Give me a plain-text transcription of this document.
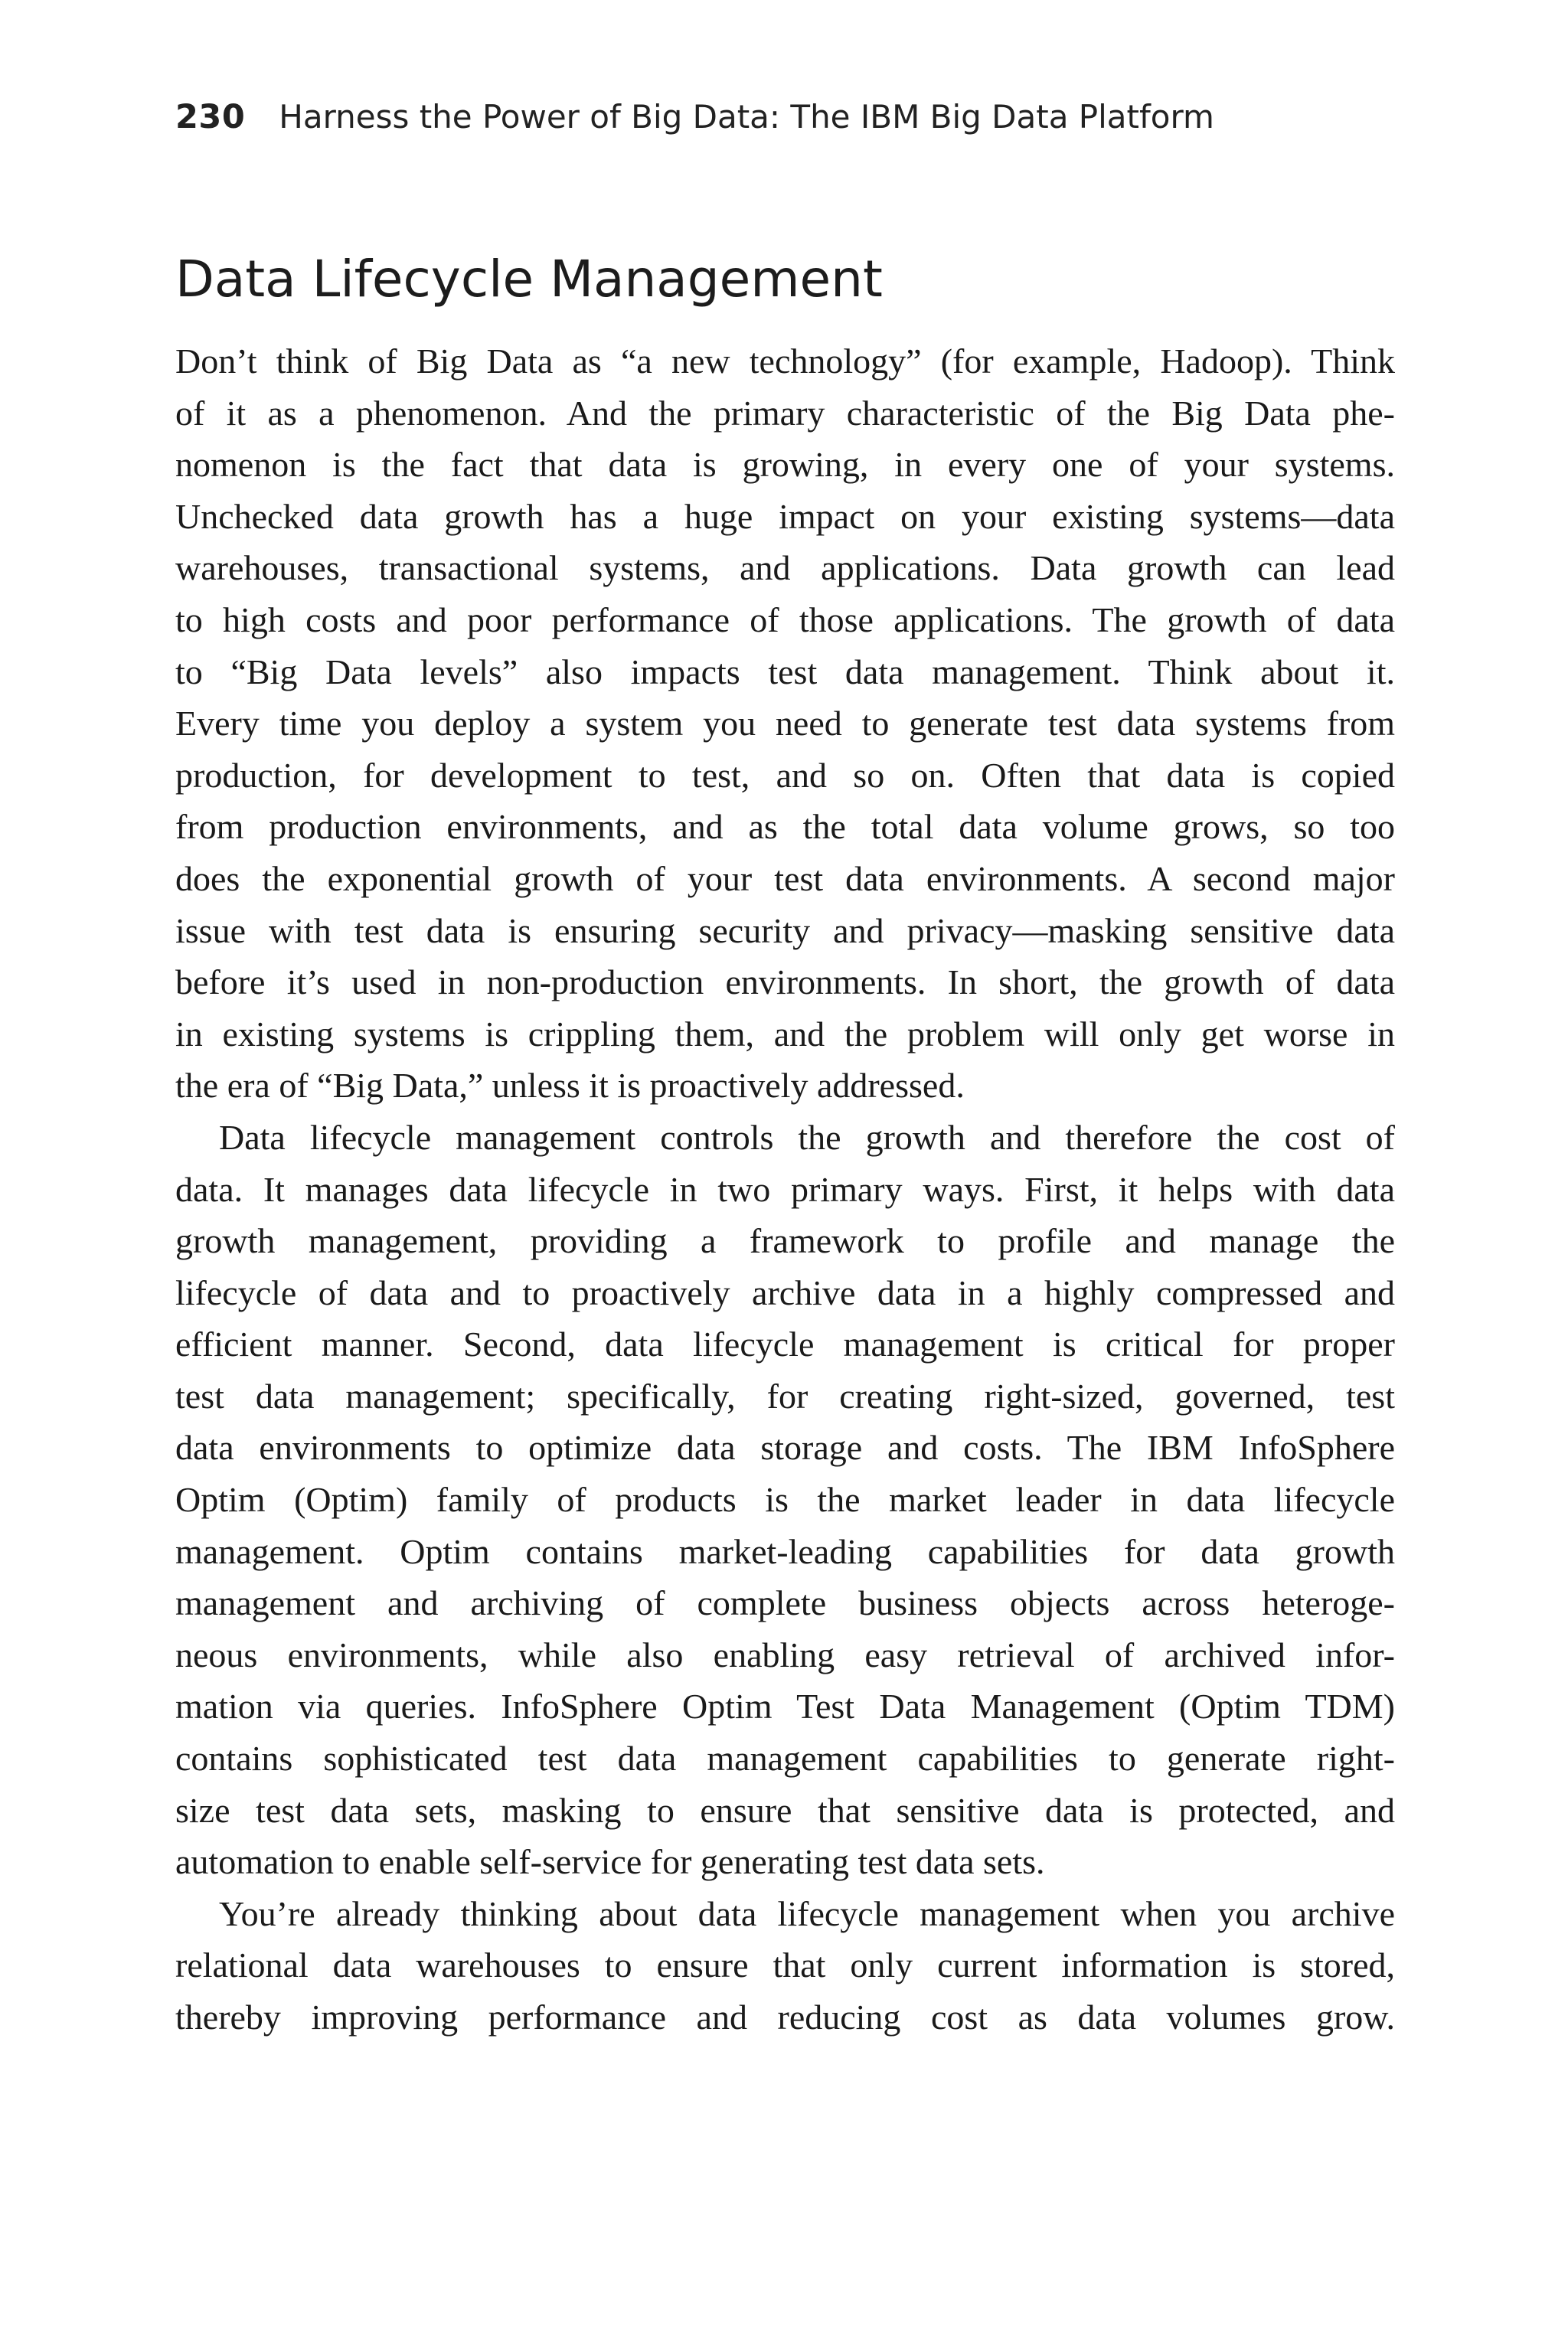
230 Harness the Power of Big Data: The IBM Big Data Platform
Data Lifecycle Management
Don’t think of Big Data as “a new technology” (for example, Hadoop). Think
of it as a phenomenon. And the primary characteristic of the Big Data phe-
nomenon is the fact that data is growing, in every one of your systems.
Unchecked data growth has a huge impact on your existing systems—data
warehouses, transactional systems, and applications. Data growth can lead
to high costs and poor performance of those applications. The growth of data
to “Big Data levels” also impacts test data management. Think about it.
Every time you deploy a system you need to generate test data systems from
production, for development to test, and so on. Often that data is copied
from production environments, and as the total data volume grows, so too
does the exponential growth of your test data environments. A second major
issue with test data is ensuring security and privacy—masking sensitive data
before it’s used in non-production environments. In short, the growth of data
in existing systems is crippling them, and the problem will only get worse in
the era of “Big Data,” unless it is proactively addressed.
Data lifecycle management controls the growth and therefore the cost of
data. It manages data lifecycle in two primary ways. First, it helps with data
growth management, providing a framework to profile and manage the
lifecycle of data and to proactively archive data in a highly compressed and
efficient manner. Second, data lifecycle management is critical for proper
test data management; specifically, for creating right-sized, governed, test
data environments to optimize data storage and costs. The IBM InfoSphere
Optim (Optim) family of products is the market leader in data lifecycle
management. Optim contains market-leading capabilities for data growth
management and archiving of complete business objects across heteroge-
neous environments, while also enabling easy retrieval of archived infor-
mation via queries. InfoSphere Optim Test Data Management (Optim TDM)
contains sophisticated test data management capabilities to generate right-
size test data sets, masking to ensure that sensitive data is protected, and
automation to enable self-service for generating test data sets.
You’re already thinking about data lifecycle management when you archive
relational data warehouses to ensure that only current information is stored,
thereby improving performance and reducing cost as data volumes grow.
